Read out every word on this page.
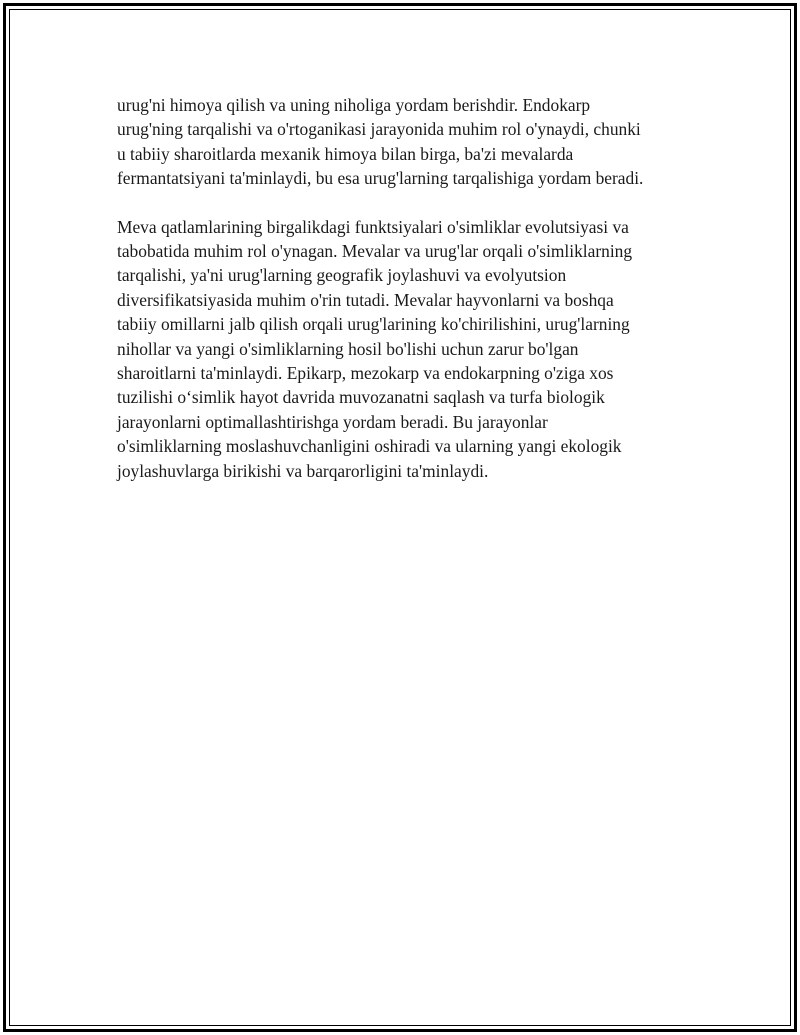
urug'ni himoya qilish va uning niholiga yordam berishdir. Endokarp
urug'ning tarqalishi va o'rtoganikasi jarayonida muhim rol o'ynaydi, chunki
u tabiiy sharoitlarda mexanik himoya bilan birga, ba'zi mevalarda
fermantatsiyani ta'minlaydi, bu esa urug'larning tarqalishiga yordam beradi.

Meva qatlamlarining birgalikdagi funktsiyalari o'simliklar evolutsiyasi va
tabobatida muhim rol o'ynagan. Mevalar va urug'lar orqali o'simliklarning
tarqalishi, ya'ni urug'larning geografik joylashuvi va evolyutsion
diversifikatsiyasida muhim o'rin tutadi. Mevalar hayvonlarni va boshqa
tabiiy omillarni jalb qilish orqali urug'larining ko'chirilishini, urug'larning
nihollar va yangi o'simliklarning hosil bo'lishi uchun zarur bo'lgan
sharoitlarni ta'minlaydi. Epikarp, mezokarp va endokarpning o'ziga xos
tuzilishi o‘simlik hayot davrida muvozanatni saqlash va turfa biologik
jarayonlarni optimallashtirishga yordam beradi. Bu jarayonlar
o'simliklarning moslashuvchanligini oshiradi va ularning yangi ekologik
joylashuvlarga birikishi va barqarorligini ta'minlaydi.
